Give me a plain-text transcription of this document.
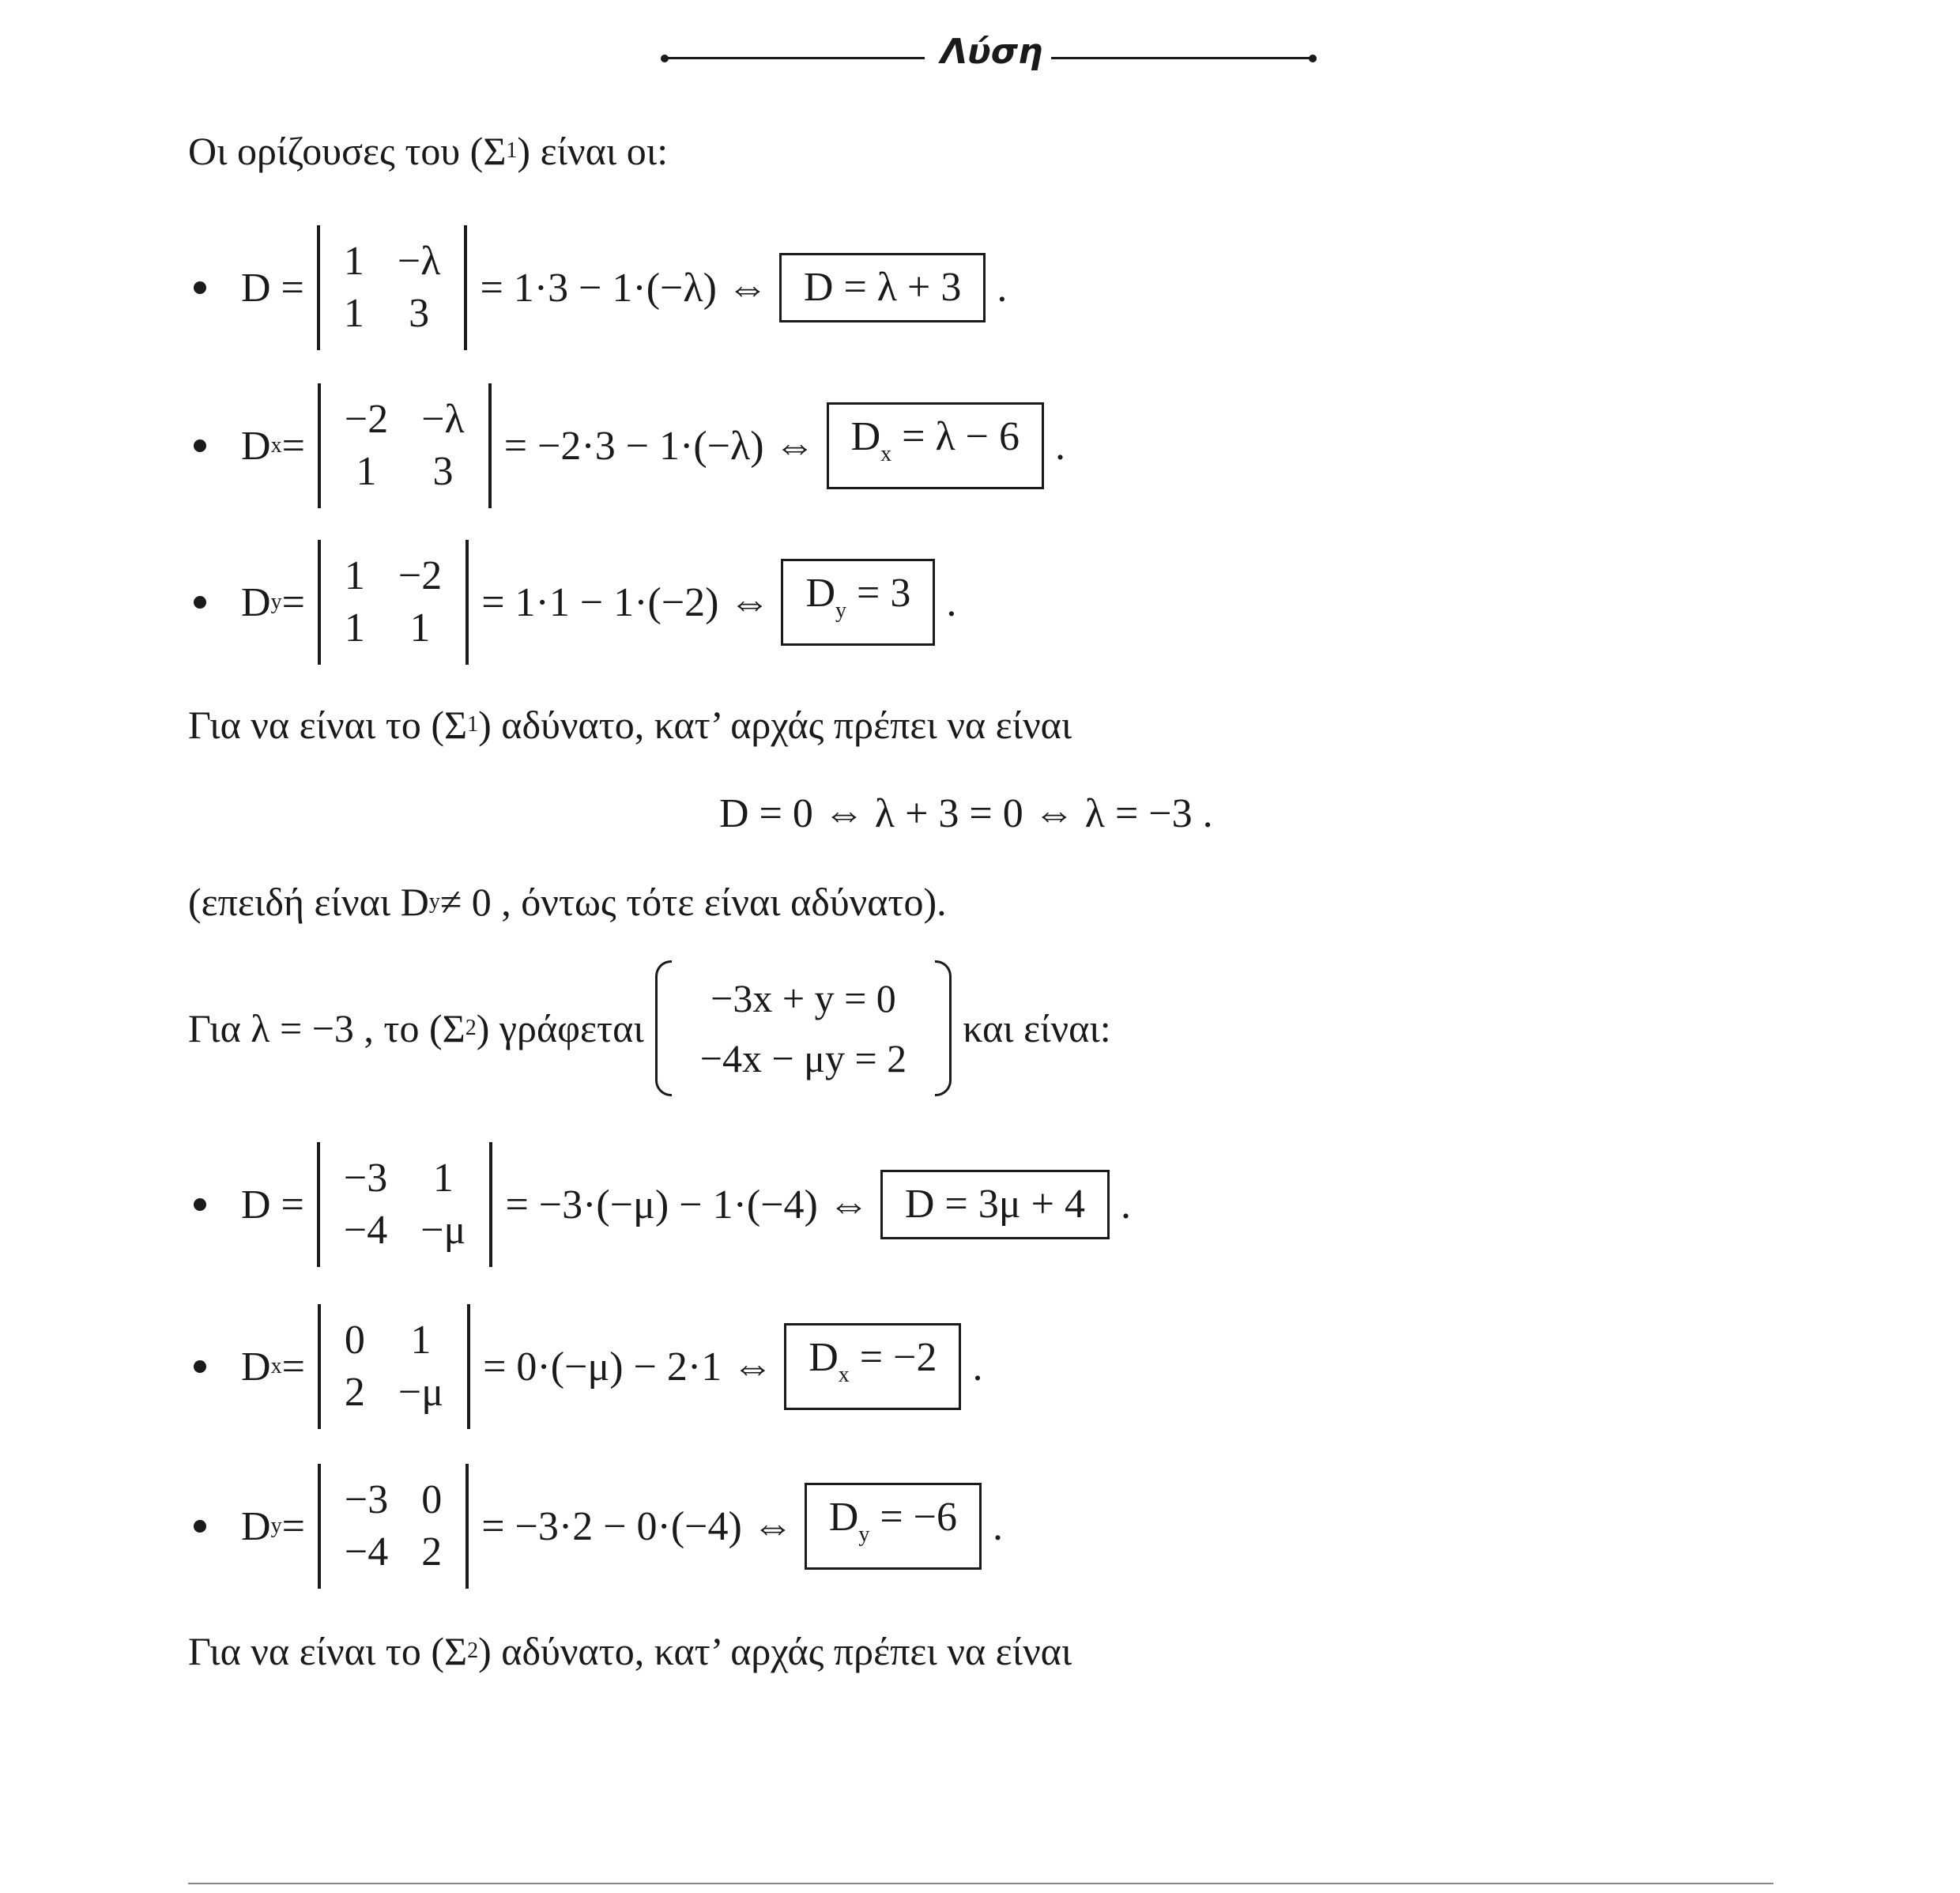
Λύση
Οι ορίζουσες του (Σ 1 ) είναι οι:
D =
1 −λ
1 3
= 1·3 − 1·(−λ) ⇔ D = λ + 3 .
D x =
−2 −λ
1 3
= −2·3 − 1·(−λ) ⇔ $D_x = \lambda - 6$ .
D y =
1 −2
1 1
= 1·1 − 1·(−2) ⇔ $D_y = 3$ .
Για να είναι το (Σ 1 ) αδύνατο, κατ’ αρχάς πρέπει να είναι
D = 0 ⇔ λ + 3 = 0 ⇔ λ = −3 .
(επειδή είναι D y ≠ 0 , όντως τότε είναι αδύνατο).
Για λ = −3 , το (Σ 2 ) γράφεται
−3x + y = 0
−4x − μy = 2
και είναι:
D =
−3	1
−4 −μ
= −3·(−μ) − 1·(−4) ⇔ D = 3μ + 4 .
D x =
0	1
2 −μ
= 0·(−μ) − 2·1 ⇔ $D_x = -2$ .
D y =
−3 0
−4 2
= −3·2 − 0·(−4) ⇔ $D_y = -6$ .
Για να είναι το (Σ 2 ) αδύνατο, κατ’ αρχάς πρέπει να είναι
